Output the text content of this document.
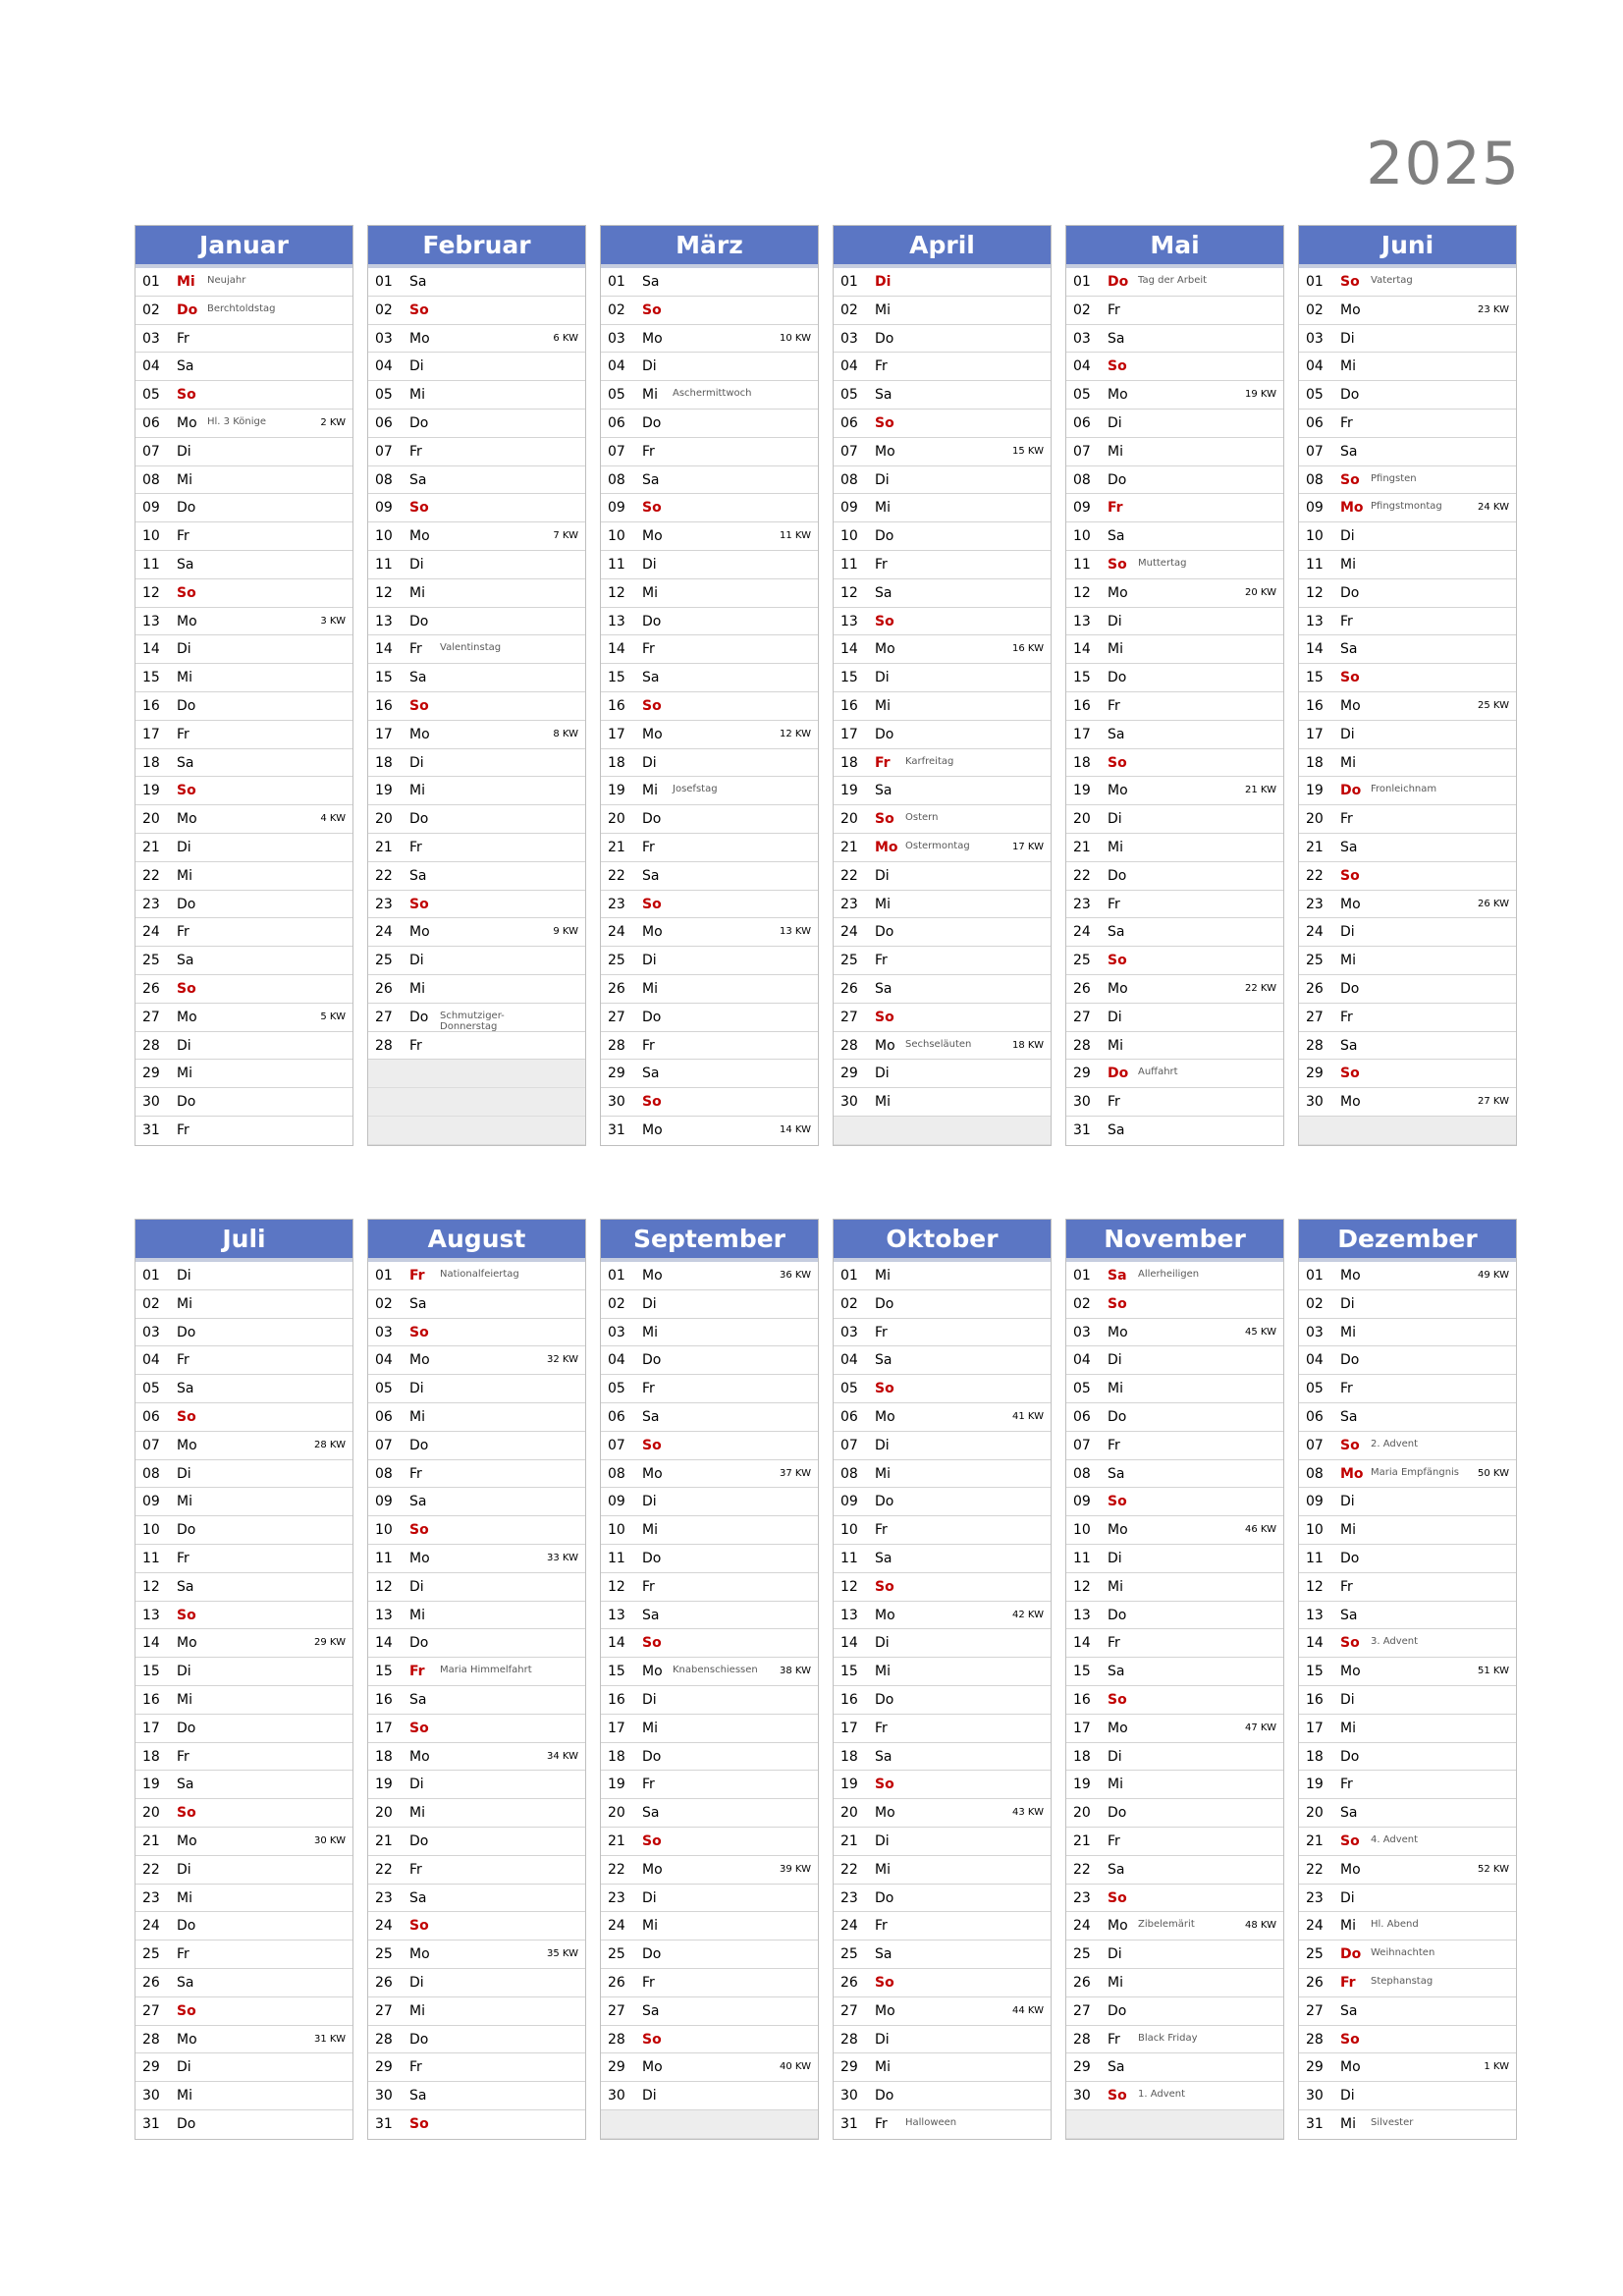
2025
Januar
01 Mi Neujahr
02 Do Berchtoldstag
03 Fr
04 Sa
05 So
06 Mo Hl. 3 Könige	2 KW
07 Di
08 Mi
09 Do
10 Fr
11 Sa
12 So
13 Mo	3 KW
14 Di
15 Mi
16 Do
17 Fr
18 Sa
19 So
20 Mo	4 KW
21 Di
22 Mi
23 Do
24 Fr
25 Sa
26 So
27 Mo	5 KW
28 Di
29 Mi
30 Do
31 Fr
Februar
01 Sa
02 So
03 Mo	6 KW
04 Di
05 Mi
06 Do
07 Fr
08 Sa
09 So
10 Mo	7 KW
11 Di
12 Mi
13 Do
14 Fr Valentinstag
15 Sa
16 So
17 Mo	8 KW
18 Di
19 Mi
20 Do
21 Fr
22 Sa
23 So
24 Mo	9 KW
25 Di
26 Mi
27 Do Schmutziger-Donnerstag
28 Fr
März
01 Sa
02 So
03 Mo	10 KW
04 Di
05 Mi Aschermittwoch
06 Do
07 Fr
08 Sa
09 So
10 Mo	11 KW
11 Di
12 Mi
13 Do
14 Fr
15 Sa
16 So
17 Mo	12 KW
18 Di
19 Mi Josefstag
20 Do
21 Fr
22 Sa
23 So
24 Mo	13 KW
25 Di
26 Mi
27 Do
28 Fr
29 Sa
30 So
31 Mo	14 KW
April
01 Di
02 Mi
03 Do
04 Fr
05 Sa
06 So
07 Mo	15 KW
08 Di
09 Mi
10 Do
11 Fr
12 Sa
13 So
14 Mo	16 KW
15 Di
16 Mi
17 Do
18 Fr Karfreitag
19 Sa
20 So Ostern
21 Mo Ostermontag	17 KW
22 Di
23 Mi
24 Do
25 Fr
26 Sa
27 So
28 Mo Sechseläuten	18 KW
29 Di
30 Mi
Mai
01 Do Tag der Arbeit
02 Fr
03 Sa
04 So
05 Mo	19 KW
06 Di
07 Mi
08 Do
09 Fr
10 Sa
11 So Muttertag
12 Mo	20 KW
13 Di
14 Mi
15 Do
16 Fr
17 Sa
18 So
19 Mo	21 KW
20 Di
21 Mi
22 Do
23 Fr
24 Sa
25 So
26 Mo	22 KW
27 Di
28 Mi
29 Do Auffahrt
30 Fr
31 Sa
Juni
01 So Vatertag
02 Mo	23 KW
03 Di
04 Mi
05 Do
06 Fr
07 Sa
08 So Pfingsten
09 Mo Pfingstmontag	24 KW
10 Di
11 Mi
12 Do
13 Fr
14 Sa
15 So
16 Mo	25 KW
17 Di
18 Mi
19 Do Fronleichnam
20 Fr
21 Sa
22 So
23 Mo	26 KW
24 Di
25 Mi
26 Do
27 Fr
28 Sa
29 So
30 Mo	27 KW
Juli
01 Di
02 Mi
03 Do
04 Fr
05 Sa
06 So
07 Mo	28 KW
08 Di
09 Mi
10 Do
11 Fr
12 Sa
13 So
14 Mo	29 KW
15 Di
16 Mi
17 Do
18 Fr
19 Sa
20 So
21 Mo	30 KW
22 Di
23 Mi
24 Do
25 Fr
26 Sa
27 So
28 Mo	31 KW
29 Di
30 Mi
31 Do
August
01 Fr Nationalfeiertag
02 Sa
03 So
04 Mo	32 KW
05 Di
06 Mi
07 Do
08 Fr
09 Sa
10 So
11 Mo	33 KW
12 Di
13 Mi
14 Do
15 Fr Maria Himmelfahrt
16 Sa
17 So
18 Mo	34 KW
19 Di
20 Mi
21 Do
22 Fr
23 Sa
24 So
25 Mo	35 KW
26 Di
27 Mi
28 Do
29 Fr
30 Sa
31 So
September
01 Mo	36 KW
02 Di
03 Mi
04 Do
05 Fr
06 Sa
07 So
08 Mo	37 KW
09 Di
10 Mi
11 Do
12 Fr
13 Sa
14 So
15 Mo Knabenschiessen	38 KW
16 Di
17 Mi
18 Do
19 Fr
20 Sa
21 So
22 Mo	39 KW
23 Di
24 Mi
25 Do
26 Fr
27 Sa
28 So
29 Mo	40 KW
30 Di
Oktober
01 Mi
02 Do
03 Fr
04 Sa
05 So
06 Mo	41 KW
07 Di
08 Mi
09 Do
10 Fr
11 Sa
12 So
13 Mo	42 KW
14 Di
15 Mi
16 Do
17 Fr
18 Sa
19 So
20 Mo	43 KW
21 Di
22 Mi
23 Do
24 Fr
25 Sa
26 So
27 Mo	44 KW
28 Di
29 Mi
30 Do
31 Fr Halloween
November
01 Sa Allerheiligen
02 So
03 Mo	45 KW
04 Di
05 Mi
06 Do
07 Fr
08 Sa
09 So
10 Mo	46 KW
11 Di
12 Mi
13 Do
14 Fr
15 Sa
16 So
17 Mo	47 KW
18 Di
19 Mi
20 Do
21 Fr
22 Sa
23 So
24 Mo Zibelemärit	48 KW
25 Di
26 Mi
27 Do
28 Fr Black Friday
29 Sa
30 So 1. Advent
Dezember
01 Mo	49 KW
02 Di
03 Mi
04 Do
05 Fr
06 Sa
07 So 2. Advent
08 Mo Maria Empfängnis	50 KW
09 Di
10 Mi
11 Do
12 Fr
13 Sa
14 So 3. Advent
15 Mo	51 KW
16 Di
17 Mi
18 Do
19 Fr
20 Sa
21 So 4. Advent
22 Mo	52 KW
23 Di
24 Mi Hl. Abend
25 Do Weihnachten
26 Fr Stephanstag
27 Sa
28 So
29 Mo	1 KW
30 Di
31 Mi Silvester
